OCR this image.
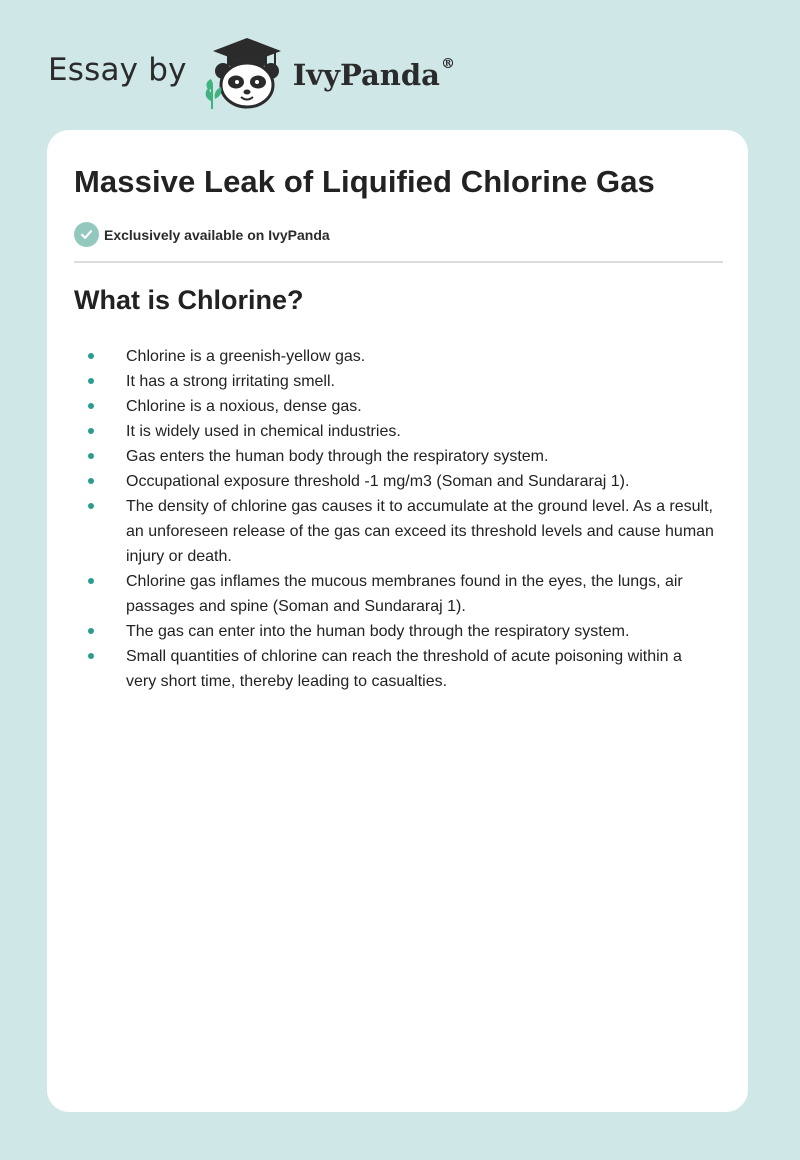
Essay by	IvyPanda®
Massive Leak of Liquified Chlorine Gas
Exclusively available on IvyPanda
What is Chlorine?
Chlorine is a greenish-yellow gas.
It has a strong irritating smell.
Chlorine is a noxious, dense gas.
It is widely used in chemical industries.
Gas enters the human body through the respiratory system.
Occupational exposure threshold -1 mg/m3 (Soman and Sundararaj 1).
The density of chlorine gas causes it to accumulate at the ground level. As a result, an unforeseen release of the gas can exceed its threshold levels and cause human injury or death.
Chlorine gas inflames the mucous membranes found in the eyes, the lungs, air passages and spine (Soman and Sundararaj 1).
The gas can enter into the human body through the respiratory system.
Small quantities of chlorine can reach the threshold of acute poisoning within a very short time, thereby leading to casualties.
